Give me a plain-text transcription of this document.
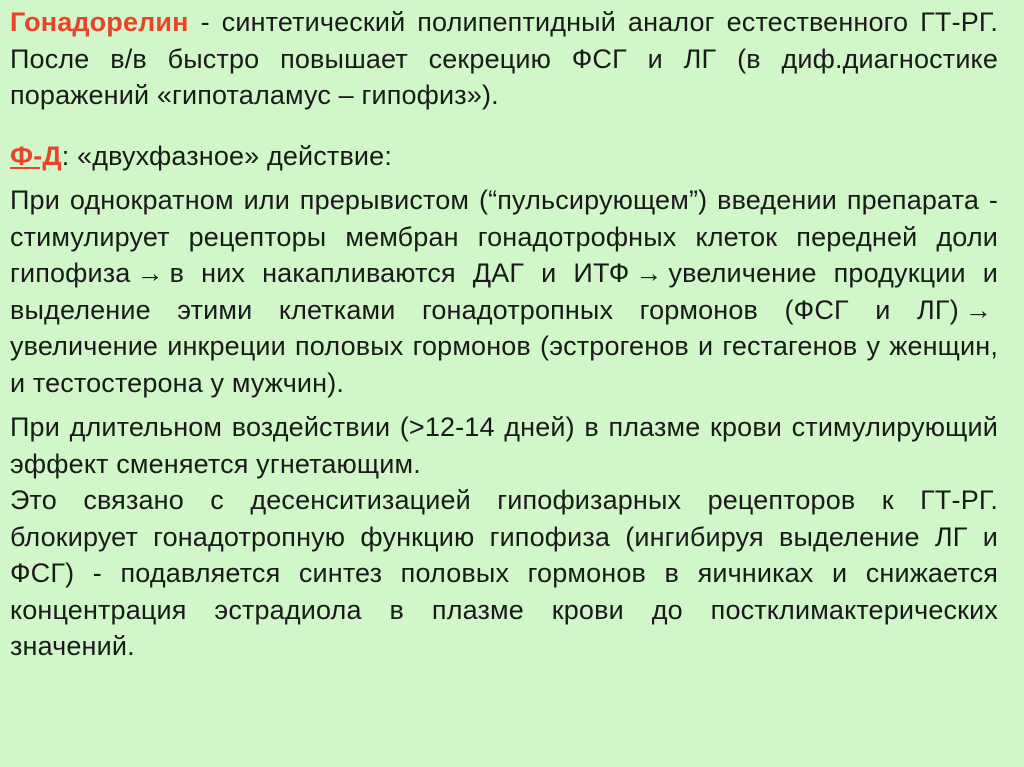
Гонадорелин - синтетический полипептидный аналог естественного ГТ-РГ. После в/в быстро повышает секрецию ФСГ и ЛГ (в диф.диагностике поражений «гипоталамус – гипофиз»).

Ф-Д: «двухфазное» действие:

При однократном или прерывистом (“пульсирующем”) введении препарата - стимулирует рецепторы мембран гонадотрофных клеток передней доли гипофиза → в них накапливаются ДАГ и ИТФ → увеличение продукции и выделение этими клетками гонадотропных гормонов (ФСГ и ЛГ) →увеличение инкреции половых гормонов (эстрогенов и гестагенов у женщин, и тестостерона у мужчин).

При длительном воздействии (>12-14 дней) в плазме крови стимулирующий эффект сменяется угнетающим.

Это связано с десенситизацией гипофизарных рецепторов к ГТ-РГ. блокирует гонадотропную функцию гипофиза (ингибируя выделение ЛГ и ФСГ) - подавляется синтез половых гормонов в яичниках и снижается концентрация эстрадиола в плазме крови до постклимактерических значений.
